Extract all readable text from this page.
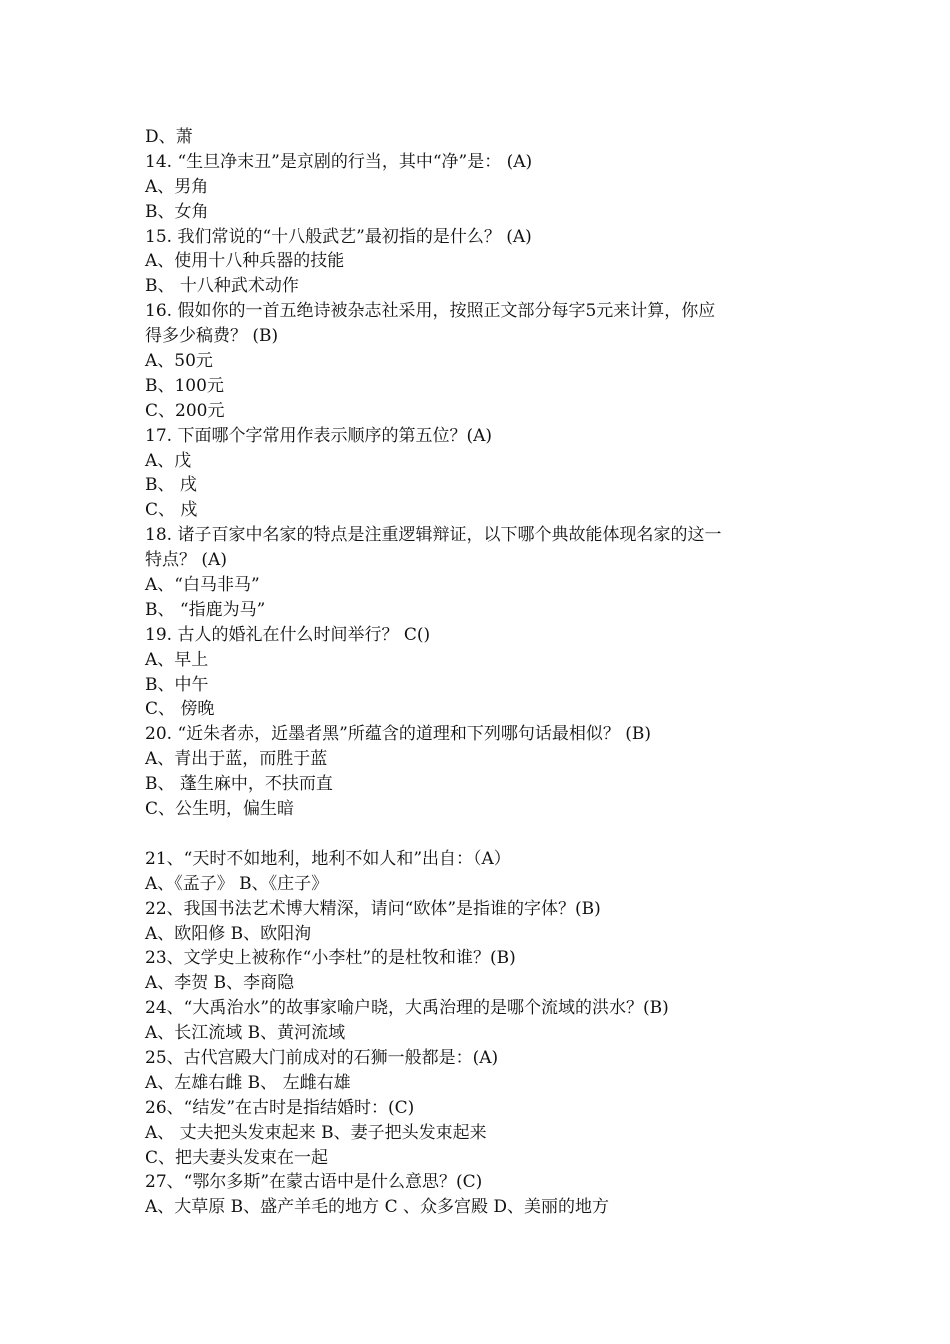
D、萧
14. “生旦净末丑”是京剧的行当，其中“净”是： (A)
A、男角
B、女角
15. 我们常说的“十八般武艺”最初指的是什么？ (A)
A、使用十八种兵器的技能
B、 十八种武术动作
16. 假如你的一首五绝诗被杂志社采用，按照正文部分每字5元来计算，你应
得多少稿费？ (B)
A、50元
B、100元
C、200元
17. 下面哪个字常用作表示顺序的第五位？(A)
A、戊
B、 戌
C、 戍
18. 诸子百家中名家的特点是注重逻辑辩证，以下哪个典故能体现名家的这一
特点？ (A)
A、“白马非马”
B、 “指鹿为马”
19. 古人的婚礼在什么时间举行？ C()
A、早上
B、中午
C、 傍晚
20. “近朱者赤，近墨者黑”所蕴含的道理和下列哪句话最相似？ (B)
A、青出于蓝，而胜于蓝
B、 蓬生麻中，不扶而直
C、公生明，偏生暗
21、“天时不如地利，地利不如人和”出自：（A）
A、《孟子》 B、《庄子》
22、我国书法艺术博大精深，请问“欧体”是指谁的字体？(B)
A、欧阳修 B、欧阳洵
23、文学史上被称作“小李杜”的是杜牧和谁？(B)
A、李贺 B、李商隐
24、“大禹治水”的故事家喻户晓，大禹治理的是哪个流域的洪水？(B)
A、长江流域 B、黄河流域
25、古代宫殿大门前成对的石狮一般都是：(A)
A、左雄右雌 B、 左雌右雄
26、“结发”在古时是指结婚时：(C)
A、 丈夫把头发束起来 B、妻子把头发束起来
C、把夫妻头发束在一起
27、“鄂尔多斯”在蒙古语中是什么意思？(C)
A、大草原 B、盛产羊毛的地方 C 、众多宫殿 D、美丽的地方
